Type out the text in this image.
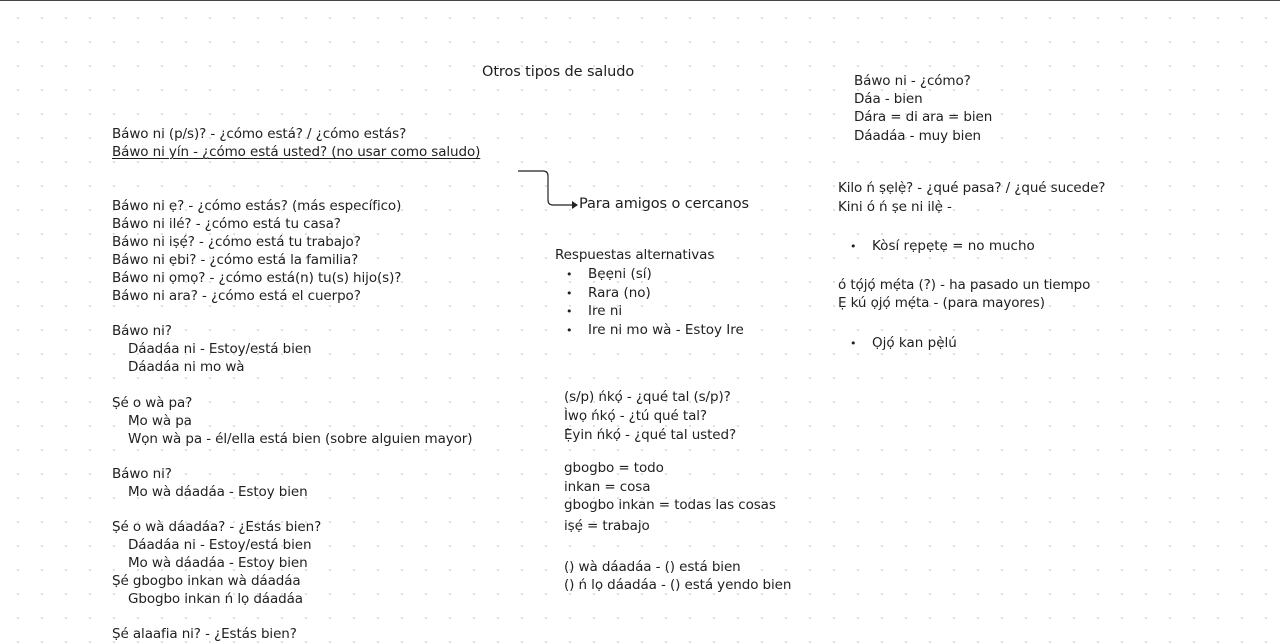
Otros tipos de saludo
Báwo ni (p/s)? - ¿cómo está? / ¿cómo estás?
Báwo ni yín - ¿cómo está usted? (no usar como saludo)
Báwo ni ẹ? - ¿cómo estás? (más específico)
Báwo ni ilé? - ¿cómo está tu casa?
Báwo ni iṣẹ́? - ¿cómo está tu trabajo?
Báwo ni ẹbi? - ¿cómo está la familia?
Báwo ni ọmọ? - ¿cómo está(n) tu(s) hijo(s)?
Báwo ni ara? - ¿cómo está el cuerpo?
Báwo ni?
Dáadáa ni - Estoy/está bien
Dáadáa ni mo wà
Ṣé o wà pa?
Mo wà pa
Wọn wà pa - él/ella está bien (sobre alguien mayor)
Báwo ni?
Mo wà dáadáa - Estoy bien
Ṣé o wà dáadáa? - ¿Estás bien?
Dáadáa ni - Estoy/está bien
Mo wà dáadáa - Estoy bien
Ṣé gbogbo inkan wà dáadáa
Gbogbo inkan ń lọ dáadáa
Ṣé alaafia ni? - ¿Estás bien?
Para amigos o cercanos
Respuestas alternativas
• Bẹẹni (sí)
• Rara (no)
• Ire ni
• Ire ni mo wà - Estoy Ire
(s/p) ńkọ́ - ¿qué tal (s/p)?
Ìwọ ńkọ́ - ¿tú qué tal?
Ẹ̀yin ńkọ́ - ¿qué tal usted?
gbogbo = todo
inkan = cosa
gbogbo inkan = todas las cosas
iṣẹ́ = trabajo
() wà dáadáa - () está bien
() ń lọ dáadáa - () está yendo bien
Báwo ni - ¿cómo?
Dáa - bien
Dára = di ara = bien
Dáadáa - muy bien
Kilo ń ṣẹlẹ̀? - ¿qué pasa? / ¿qué sucede?
Kini ó ń ṣe ni ilẹ̀ -
• Kòsí rẹpẹtẹ = no mucho
ó tọ́jọ́ mẹ́ta (?) - ha pasado un tiempo
Ẹ kú ọjọ́ mẹ́ta - (para mayores)
• Ọjọ́ kan pẹ̀lú
